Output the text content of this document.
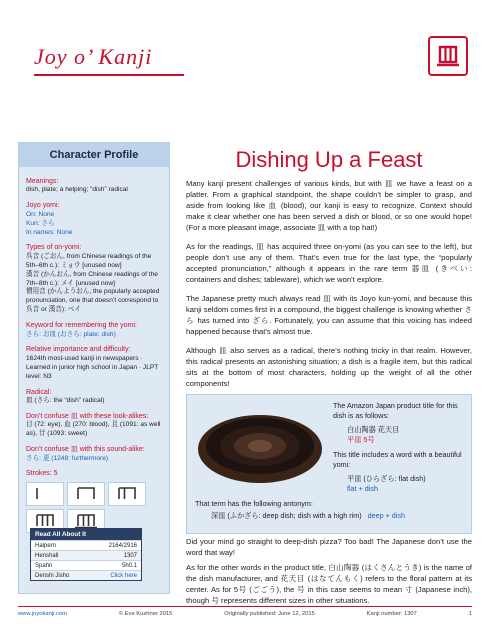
Joy o’ Kanji
Character Profile
Meanings:
dish, plate; a helping; “dish” radical
Joyo yomi:
On: None
Kun: さら
In names: None
Types of on-yomi:
呉音 (ごおん, from Chinese readings of the 5th–6th c.): ミョウ [unused now]
漢音 (かんおん, from Chinese readings of the 7th–8th c.): メイ [unused now]
慣用音 (かんようおん, the popularly accepted pronunciation, one that doesn’t correspond to 呉音 or 漢音): ベイ
Keyword for remembering the yomi:
さら: お皿 (おさら: plate; dish)
Relative importance and difficulty:
1624th most-used kanji in newspapers · Learned in junior high school in Japan · JLPT level: N3
Radical:
皿 (さら: the “dish” radical)
Don’t confuse 皿 with these look-alikes:
目 (72: eye), 血 (270: blood), 且 (1091: as well as), 廿 (1093: sweet)
Don’t confuse 皿 with this sound-alike:
さら: 更 (1248: furthermore)
Strokes: 5
Read All About It
Halpern	2164/2916
Henshall	1307
Spahn	5h0.1
Denshi Jisho	Click here
Dishing Up a Feast

Many kanji present challenges of various kinds, but with 皿 we have a feast on a platter. From a graphical standpoint, the shape couldn’t be simpler to grasp, and aside from looking like 血 (blood), our kanji is easy to recognize. Context should make it clear whether one has been served a dish or blood, or so one would hope! (For a more pleasant image, associate 皿 with a top hat!)

As for the readings, 皿 has acquired three on-yomi (as you can see to the left), but people don’t use any of them. That’s even true for the last type, the “popularly accepted pronunciation,” although it appears in the rare term 器皿 (きべい: containers and dishes; tableware), which we won’t explore.

The Japanese pretty much always read 皿 with its Joyo kun-yomi, and because this kanji seldom comes first in a compound, the biggest challenge is knowing whether さら has turned into ざら. Fortunately, you can assume that this voicing has indeed happened because that’s almost true.

Although 皿 also serves as a radical, there’s nothing tricky in that realm. However, this radical presents an astonishing situation; a dish is a fragile item, but this radical sits at the bottom of most characters, holding up the weight of all the other components!

The Amazon Japan product title for this dish is as follows:
白山陶器 花天目
平皿 5号
This title includes a word with a beautiful yomi:
平皿 (ひらざら: flat dish)
flat + dish
That term has the following antonym:
深皿 (ふかざら: deep dish; dish with a high rim) deep + dish

Did your mind go straight to deep-dish pizza? Too bad! The Japanese don’t use the word that way!

As for the other words in the product title, 白山陶器 (はくさんとうき) is the name of the dish manufacturer, and 花天目 (はなてんもく) refers to the floral pattern at its center. As for 5号 (ごごう), the 号 in this case seems to mean 寸 (Japanese inch), though 号 represents different sizes in other situations.

www.joyokanji.com	© Eve Kushner 2015	Originally published: June 12, 2015	Kanji number: 1307	1
